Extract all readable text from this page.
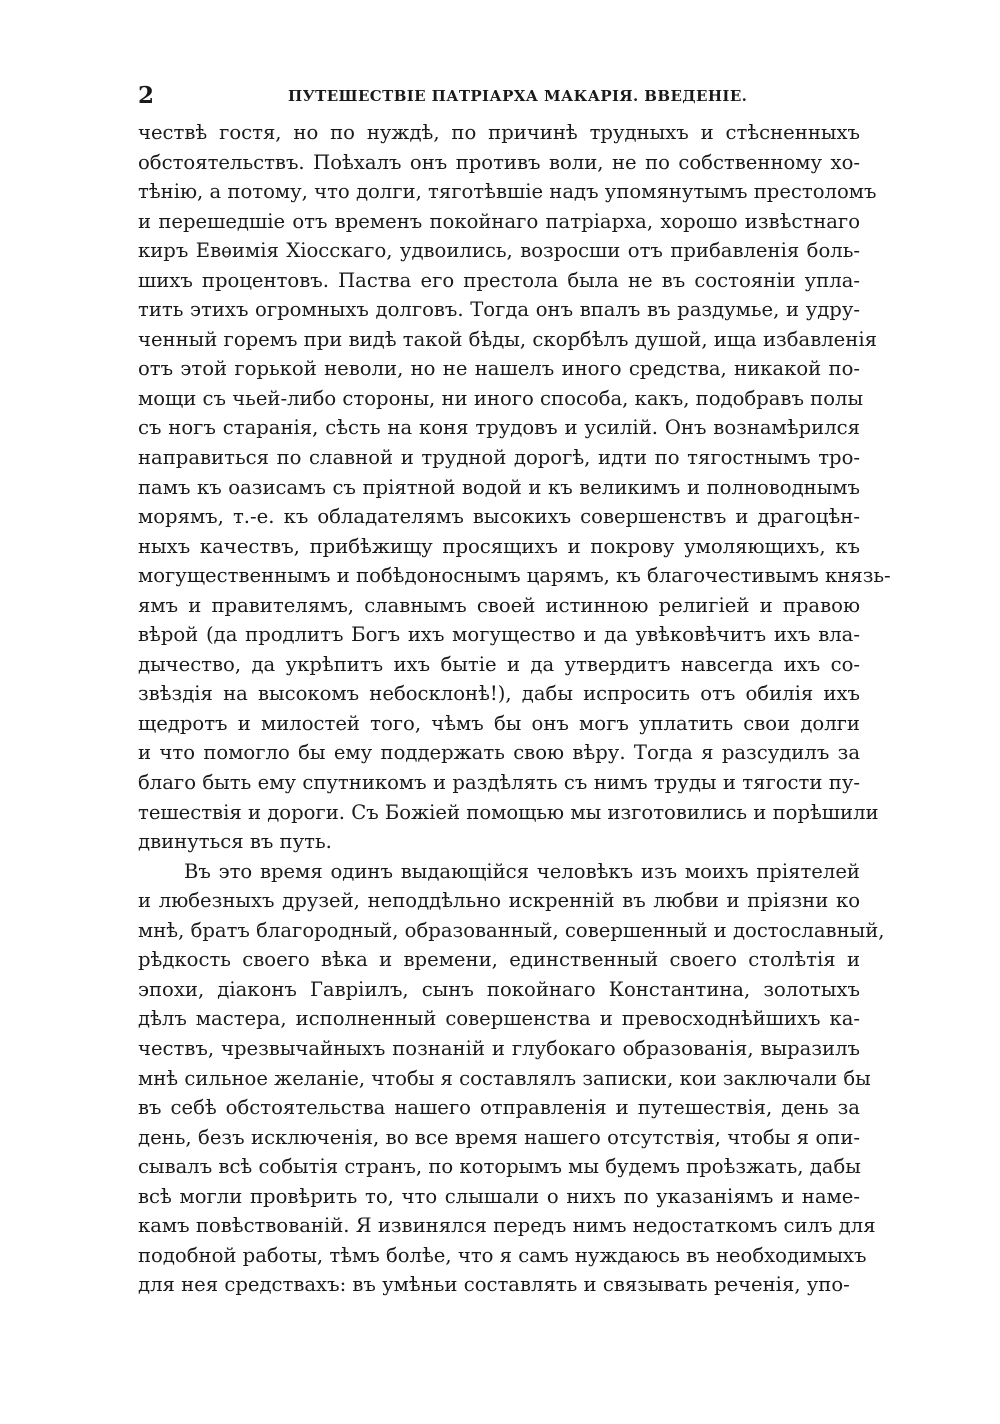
2	ПУТЕШЕСТВІЕ ПАТРІАРХА МАКАРІЯ. ВВЕДЕНІЕ.
чествѣ гостя, но по нуждѣ, по причинѣ трудныхъ и стѣсненныхъ
обстоятельствъ. Поѣхалъ онъ противъ воли, не по собственному хо-
тѣнію, а потому, что долги, тяготѣвшіе надъ упомянутымъ престоломъ
и перешедшіе отъ временъ покойнаго патріарха, хорошо извѣстнаго
киръ Евѳимія Хіосскаго, удвоились, возросши отъ прибавленія боль-
шихъ процентовъ. Паства его престола была не въ состояніи упла-
тить этихъ огромныхъ долговъ. Тогда онъ впалъ въ раздумье, и удру-
ченный горемъ при видѣ такой бѣды, скорбѣлъ душой, ища избавленія
отъ этой горькой неволи, но не нашелъ иного средства, никакой по-
мощи съ чьей-либо стороны, ни иного способа, какъ, подобравъ полы
съ ногъ старанія, сѣсть на коня трудовъ и усилій. Онъ вознамѣрился
направиться по славной и трудной дорогѣ, идти по тягостнымъ тро-
памъ къ оазисамъ съ пріятной водой и къ великимъ и полноводнымъ
морямъ, т.-е. къ обладателямъ высокихъ совершенствъ и драгоцѣн-
ныхъ качествъ, прибѣжищу просящихъ и покрову умоляющихъ, къ
могущественнымъ и побѣдоноснымъ царямъ, къ благочестивымъ князь-
ямъ и правителямъ, славнымъ своей истинною религіей и правою
вѣрой (да продлитъ Богъ ихъ могущество и да увѣковѣчитъ ихъ вла-
дычество, да укрѣпитъ ихъ бытіе и да утвердитъ навсегда ихъ со-
звѣздія на высокомъ небосклонѣ!), дабы испросить отъ обилія ихъ
щедротъ и милостей того, чѣмъ бы онъ могъ уплатить свои долги
и что помогло бы ему поддержать свою вѣру. Тогда я разсудилъ за
благо быть ему спутникомъ и раздѣлять съ нимъ труды и тягости пу-
тешествія и дороги. Съ Божіей помощью мы изготовились и порѣшили
двинуться въ путь.
Въ это время одинъ выдающійся человѣкъ изъ моихъ пріятелей
и любезныхъ друзей, неподдѣльно искренній въ любви и пріязни ко
мнѣ, братъ благородный, образованный, совершенный и достославный,
рѣдкость своего вѣка и времени, единственный своего столѣтія и
эпохи, діаконъ Гавріилъ, сынъ покойнаго Константина, золотыхъ
дѣлъ мастера, исполненный совершенства и превосходнѣйшихъ ка-
чествъ, чрезвычайныхъ познаній и глубокаго образованія, выразилъ
мнѣ сильное желаніе, чтобы я составлялъ записки, кои заключали бы
въ себѣ обстоятельства нашего отправленія и путешествія, день за
день, безъ исключенія, во все время нашего отсутствія, чтобы я опи-
сывалъ всѣ событія странъ, по которымъ мы будемъ проѣзжать, дабы
всѣ могли провѣрить то, что слышали о нихъ по указаніямъ и наме-
камъ повѣствованій. Я извинялся передъ нимъ недостаткомъ силъ для
подобной работы, тѣмъ болѣе, что я самъ нуждаюсь въ необходимыхъ
для нея средствахъ: въ умѣньи составлять и связывать реченія, упо-
